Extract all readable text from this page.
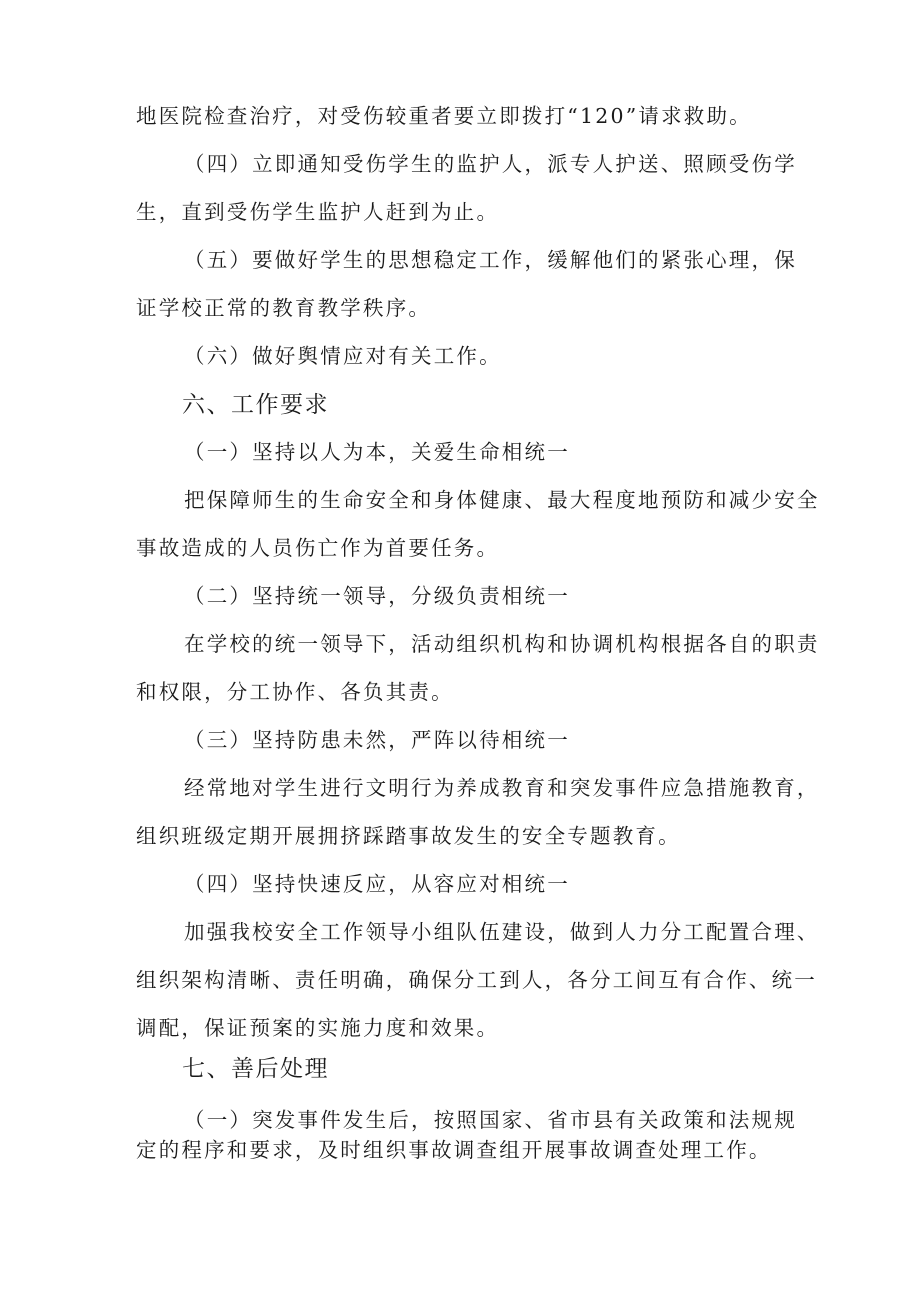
地医院检查治疗，对受伤较重者要立即拨打“120”请求救助。
（四）立即通知受伤学生的监护人，派专人护送、照顾受伤学
生，直到受伤学生监护人赶到为止。
（五）要做好学生的思想稳定工作，缓解他们的紧张心理，保
证学校正常的教育教学秩序。
（六）做好舆情应对有关工作。
六、工作要求
（一）坚持以人为本，关爱生命相统一
把保障师生的生命安全和身体健康、最大程度地预防和减少安全
事故造成的人员伤亡作为首要任务。
（二）坚持统一领导，分级负责相统一
在学校的统一领导下，活动组织机构和协调机构根据各自的职责
和权限，分工协作、各负其责。
（三）坚持防患未然，严阵以待相统一
经常地对学生进行文明行为养成教育和突发事件应急措施教育，
组织班级定期开展拥挤踩踏事故发生的安全专题教育。
（四）坚持快速反应，从容应对相统一
加强我校安全工作领导小组队伍建设，做到人力分工配置合理、
组织架构清晰、责任明确，确保分工到人，各分工间互有合作、统一
调配，保证预案的实施力度和效果。
七、善后处理
（一）突发事件发生后，按照国家、省市县有关政策和法规规
定的程序和要求，及时组织事故调查组开展事故调查处理工作。
